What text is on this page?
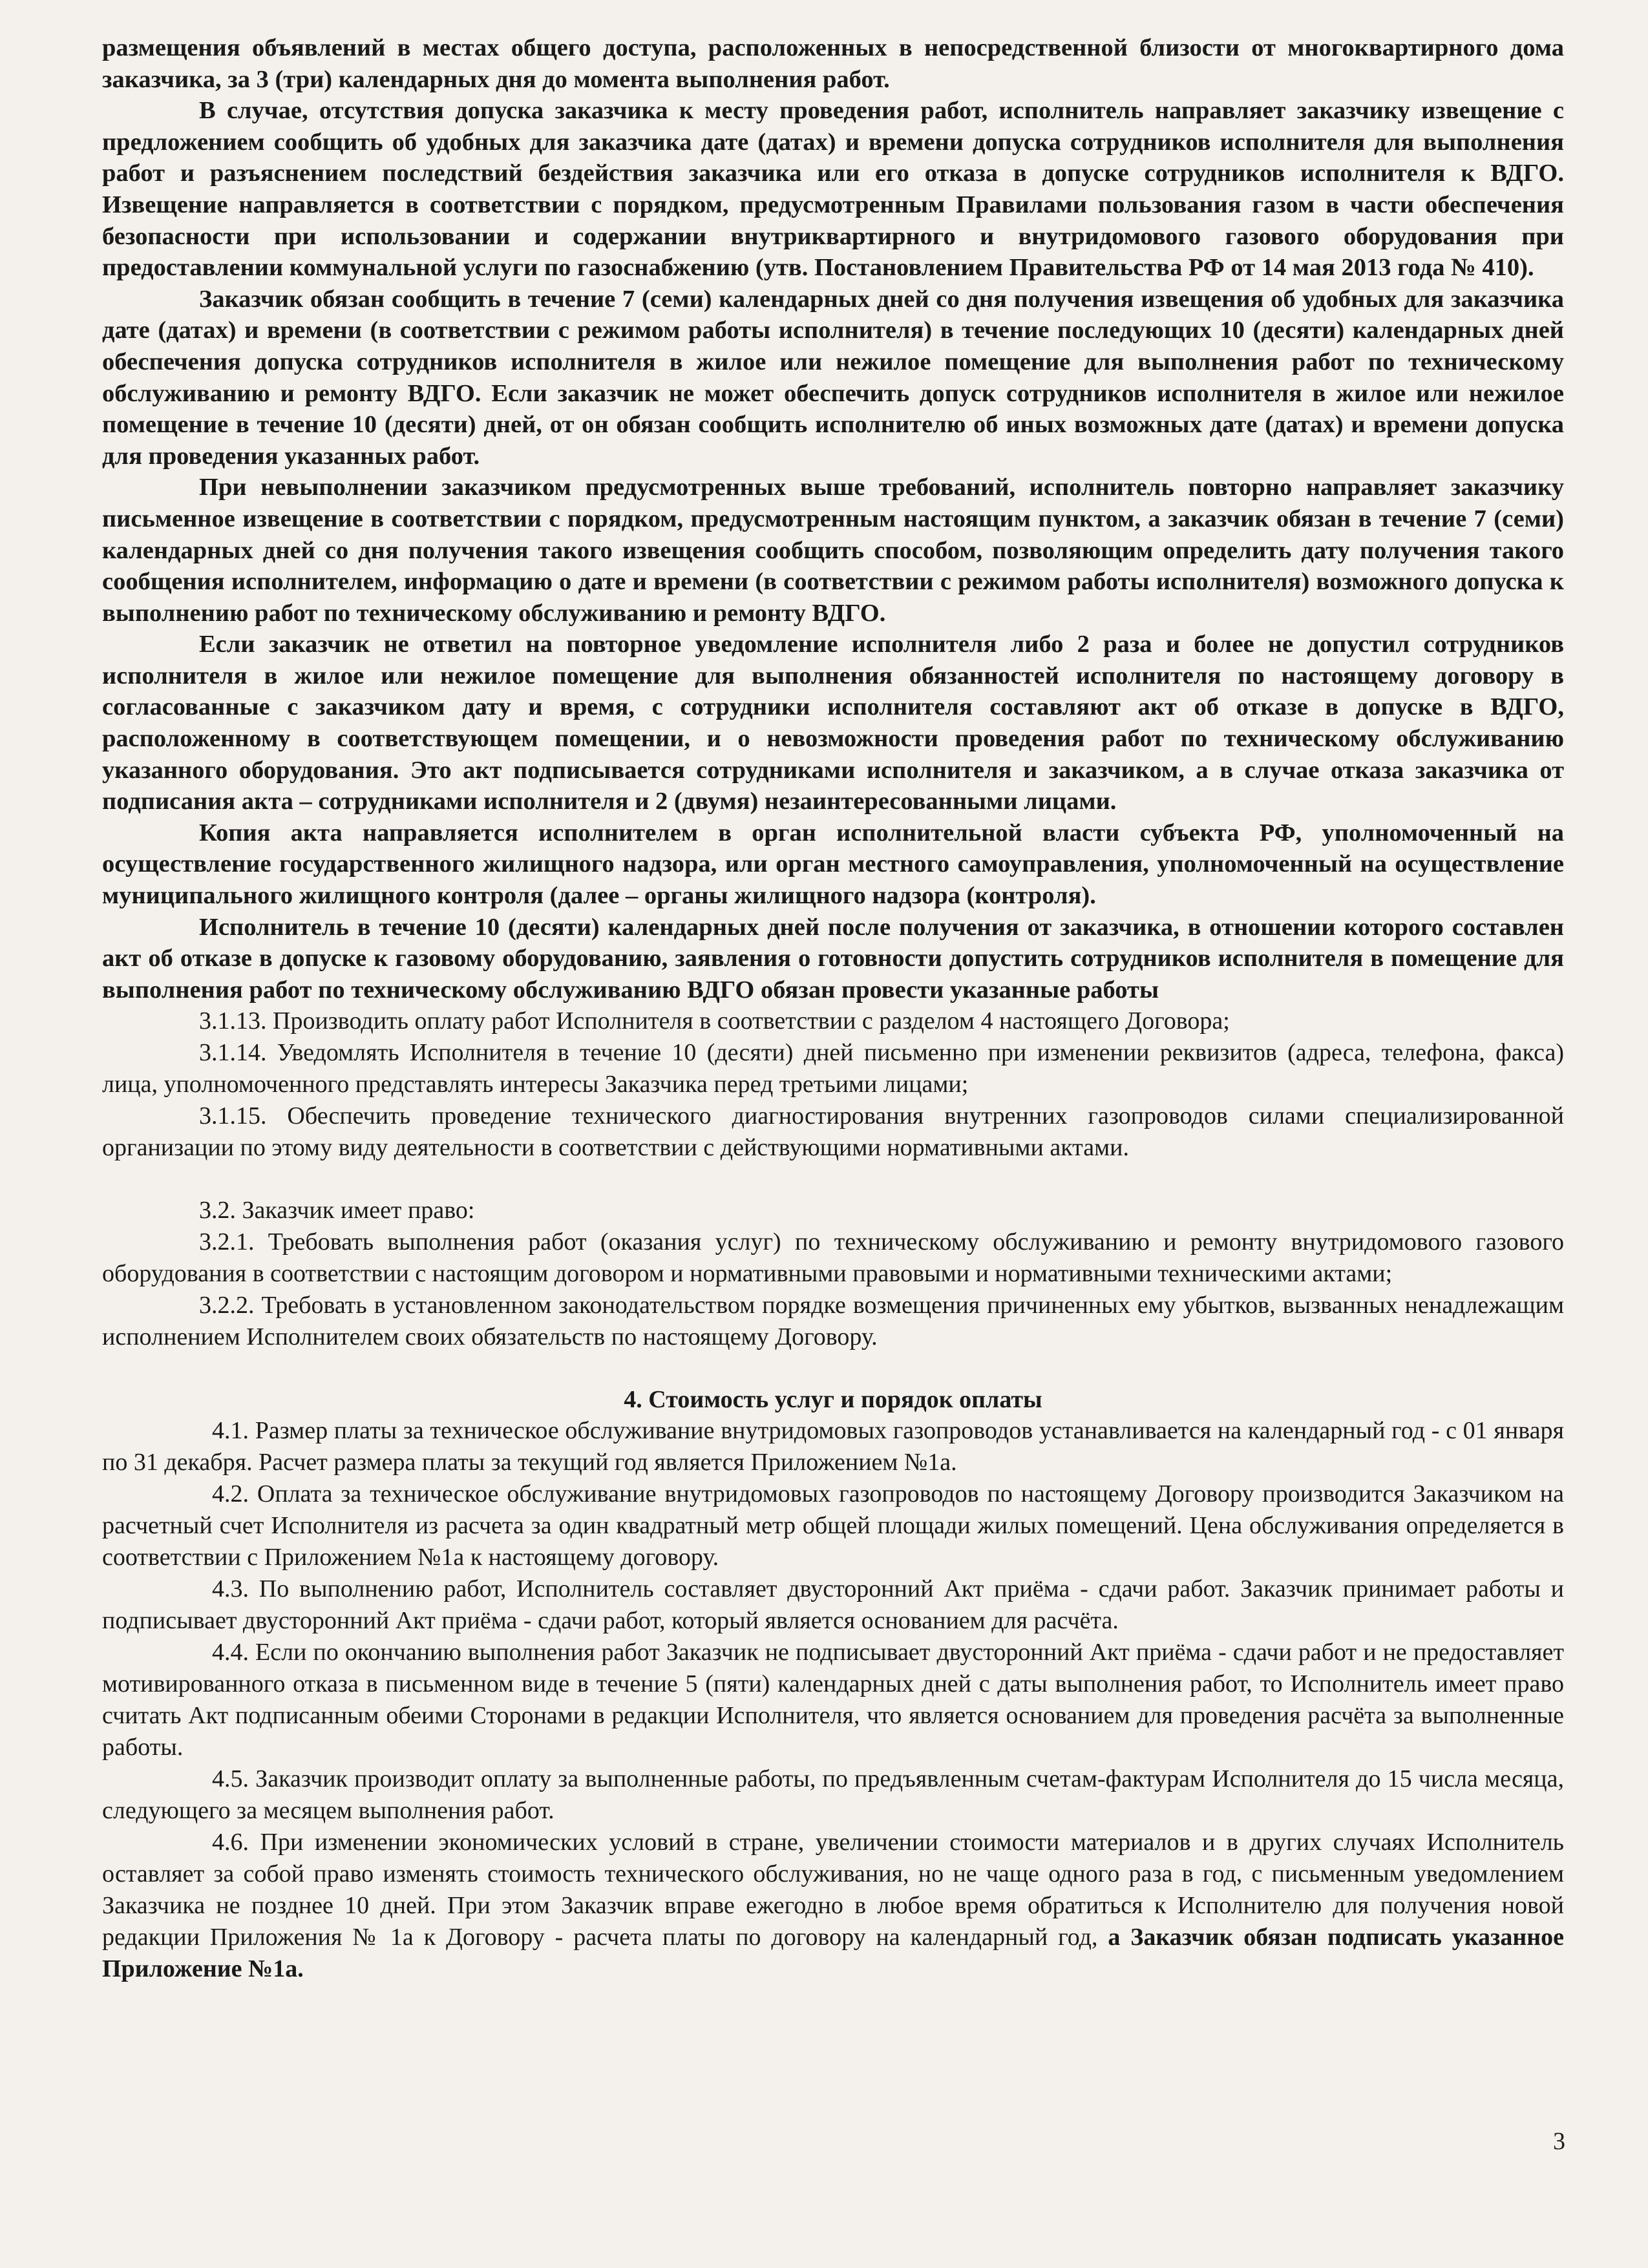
размещения объявлений в местах общего доступа, расположенных в непосредственной близости от многоквартирного дома заказчика, за 3 (три) календарных дня до момента выполнения работ.

В случае, отсутствия допуска заказчика к месту проведения работ, исполнитель направляет заказчику извещение с предложением сообщить об удобных для заказчика дате (датах) и времени допуска сотрудников исполнителя для выполнения работ и разъяснением последствий бездействия заказчика или его отказа в допуске сотрудников исполнителя к ВДГО. Извещение направляется в соответствии с порядком, предусмотренным Правилами пользования газом в части обеспечения безопасности при использовании и содержании внутриквартирного и внутридомового газового оборудования при предоставлении коммунальной услуги по газоснабжению (утв. Постановлением Правительства РФ от 14 мая 2013 года № 410).

Заказчик обязан сообщить в течение 7 (семи) календарных дней со дня получения извещения об удобных для заказчика дате (датах) и времени (в соответствии с режимом работы исполнителя) в течение последующих 10 (десяти) календарных дней обеспечения допуска сотрудников исполнителя в жилое или нежилое помещение для выполнения работ по техническому обслуживанию и ремонту ВДГО. Если заказчик не может обеспечить допуск сотрудников исполнителя в жилое или нежилое помещение в течение 10 (десяти) дней, от он обязан сообщить исполнителю об иных возможных дате (датах) и времени допуска для проведения указанных работ.

При невыполнении заказчиком предусмотренных выше требований, исполнитель повторно направляет заказчику письменное извещение в соответствии с порядком, предусмотренным настоящим пунктом, а заказчик обязан в течение 7 (семи) календарных дней со дня получения такого извещения сообщить способом, позволяющим определить дату получения такого сообщения исполнителем, информацию о дате и времени (в соответствии с режимом работы исполнителя) возможного допуска к выполнению работ по техническому обслуживанию и ремонту ВДГО.

Если заказчик не ответил на повторное уведомление исполнителя либо 2 раза и более не допустил сотрудников исполнителя в жилое или нежилое помещение для выполнения обязанностей исполнителя по настоящему договору в согласованные с заказчиком дату и время, с сотрудники исполнителя составляют акт об отказе в допуске в ВДГО, расположенному в соответствующем помещении, и о невозможности проведения работ по техническому обслуживанию указанного оборудования. Это акт подписывается сотрудниками исполнителя и заказчиком, а в случае отказа заказчика от подписания акта – сотрудниками исполнителя и 2 (двумя) незаинтересованными лицами.

Копия акта направляется исполнителем в орган исполнительной власти субъекта РФ, уполномоченный на осуществление государственного жилищного надзора, или орган местного самоуправления, уполномоченный на осуществление муниципального жилищного контроля (далее – органы жилищного надзора (контроля).

Исполнитель в течение 10 (десяти) календарных дней после получения от заказчика, в отношении которого составлен акт об отказе в допуске к газовому оборудованию, заявления о готовности допустить сотрудников исполнителя в помещение для выполнения работ по техническому обслуживанию ВДГО обязан провести указанные работы

3.1.13. Производить оплату работ Исполнителя в соответствии с разделом 4 настоящего Договора;

3.1.14. Уведомлять Исполнителя в течение 10 (десяти) дней письменно при изменении реквизитов (адреса, телефона, факса) лица, уполномоченного представлять интересы Заказчика перед третьими лицами;

3.1.15. Обеспечить проведение технического диагностирования внутренних газопроводов силами специализированной организации по этому виду деятельности в соответствии с действующими нормативными актами.

3.2. Заказчик имеет право:

3.2.1. Требовать выполнения работ (оказания услуг) по техническому обслуживанию и ремонту внутридомового газового оборудования в соответствии с настоящим договором и нормативными правовыми и нормативными техническими актами;

3.2.2. Требовать в установленном законодательством порядке возмещения причиненных ему убытков, вызванных ненадлежащим исполнением Исполнителем своих обязательств по настоящему Договору.

4. Стоимость услуг и порядок оплаты

4.1. Размер платы за техническое обслуживание внутридомовых газопроводов устанавливается на календарный год - с 01 января по 31 декабря. Расчет размера платы за текущий год является Приложением №1а.

4.2. Оплата за техническое обслуживание внутридомовых газопроводов по настоящему Договору производится Заказчиком на расчетный счет Исполнителя из расчета за один квадратный метр общей площади жилых помещений. Цена обслуживания определяется в соответствии с Приложением №1а к настоящему договору.

4.3. По выполнению работ, Исполнитель составляет двусторонний Акт приёма - сдачи работ. Заказчик принимает работы и подписывает двусторонний Акт приёма - сдачи работ, который является основанием для расчёта.

4.4. Если по окончанию выполнения работ Заказчик не подписывает двусторонний Акт приёма - сдачи работ и не предоставляет мотивированного отказа в письменном виде в течение 5 (пяти) календарных дней с даты выполнения работ, то Исполнитель имеет право считать Акт подписанным обеими Сторонами в редакции Исполнителя, что является основанием для проведения расчёта за выполненные работы.

4.5. Заказчик производит оплату за выполненные работы, по предъявленным счетам-фактурам Исполнителя до 15 числа месяца, следующего за месяцем выполнения работ.

4.6. При изменении экономических условий в стране, увеличении стоимости материалов и в других случаях Исполнитель оставляет за собой право изменять стоимость технического обслуживания, но не чаще одного раза в год, с письменным уведомлением Заказчика не позднее 10 дней. При этом Заказчик вправе ежегодно в любое время обратиться к Исполнителю для получения новой редакции Приложения № 1а к Договору - расчета платы по договору на календарный год, а Заказчик обязан подписать указанное Приложение №1а.

3
